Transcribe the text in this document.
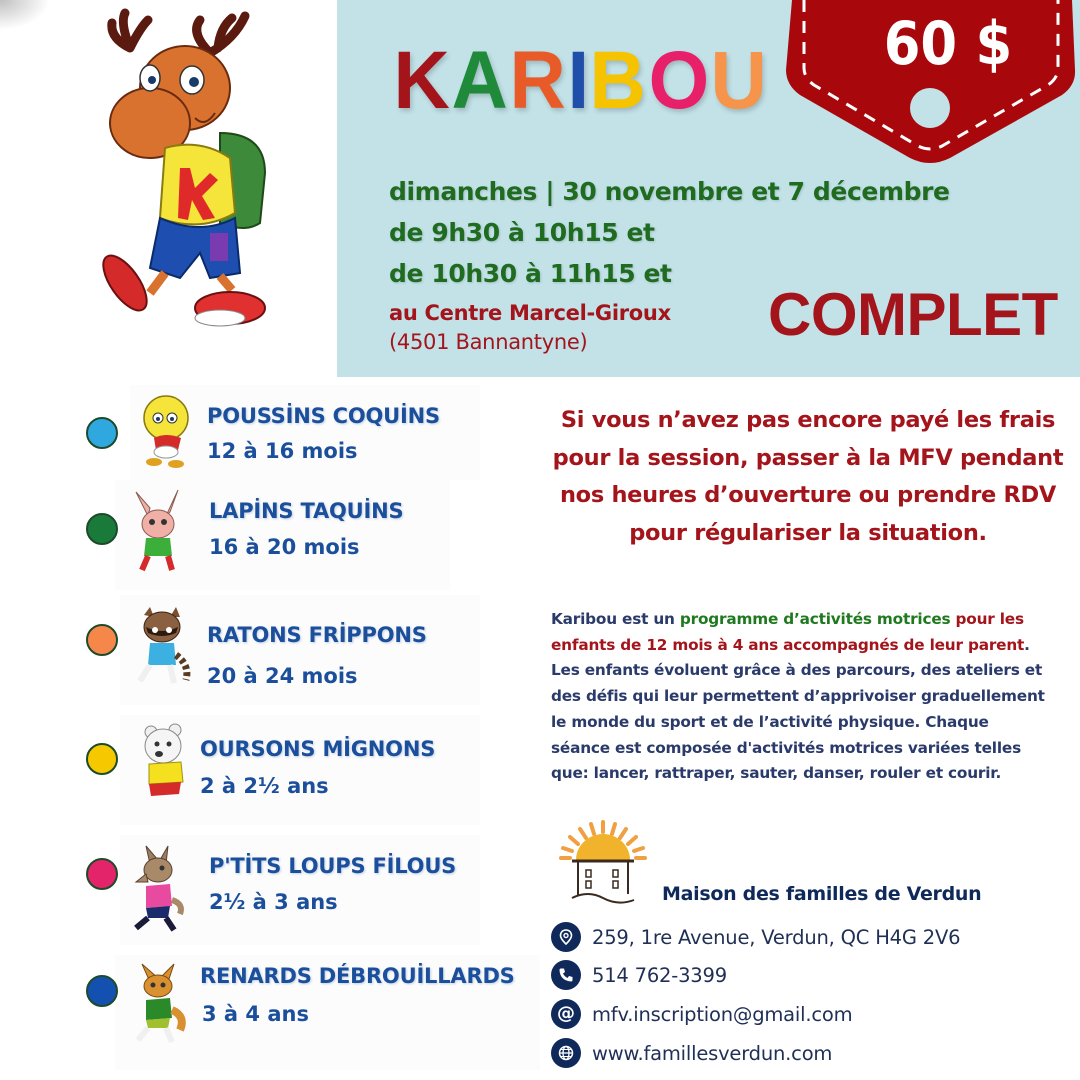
K A R I B O U 60 $
dimanches | 30 novembre et 7 décembre
de 9h30 à 10h15 et
de 10h30 à 11h15 et
au Centre Marcel-Giroux
(4501 Bannantyne)	COMPLET
POUSSİNS COQUİNS
12 à 16 mois
LAPİNS TAQUİNS
16 à 20 mois
RATONS FRİPPONS
20 à 24 mois
OURSONS MİGNONS
2 à 2½ ans
P'TİTS LOUPS FİLOUS
2½ à 3 ans
RENARDS DÉBROUİLLARDS
3 à 4 ans
Si vous n’avez pas encore payé les frais
pour la session, passer à la MFV pendant
nos heures d’ouverture ou prendre RDV
pour régulariser la situation.
Karibou est un programme d’activités motrices pour les enfants de 12 mois à 4 ans accompagnés de leur parent. Les enfants évoluent grâce à des parcours, des ateliers et des défis qui leur permettent d’apprivoiser graduellement le monde du sport et de l’activité physique. Chaque séance est composée d'activités motrices variées telles que: lancer, rattraper, sauter, danser, rouler et courir.
Maison des familles de Verdun
259, 1re Avenue, Verdun, QC H4G 2V6
514 762-3399
@ mfv.inscription@gmail.com
www.famillesverdun.com
